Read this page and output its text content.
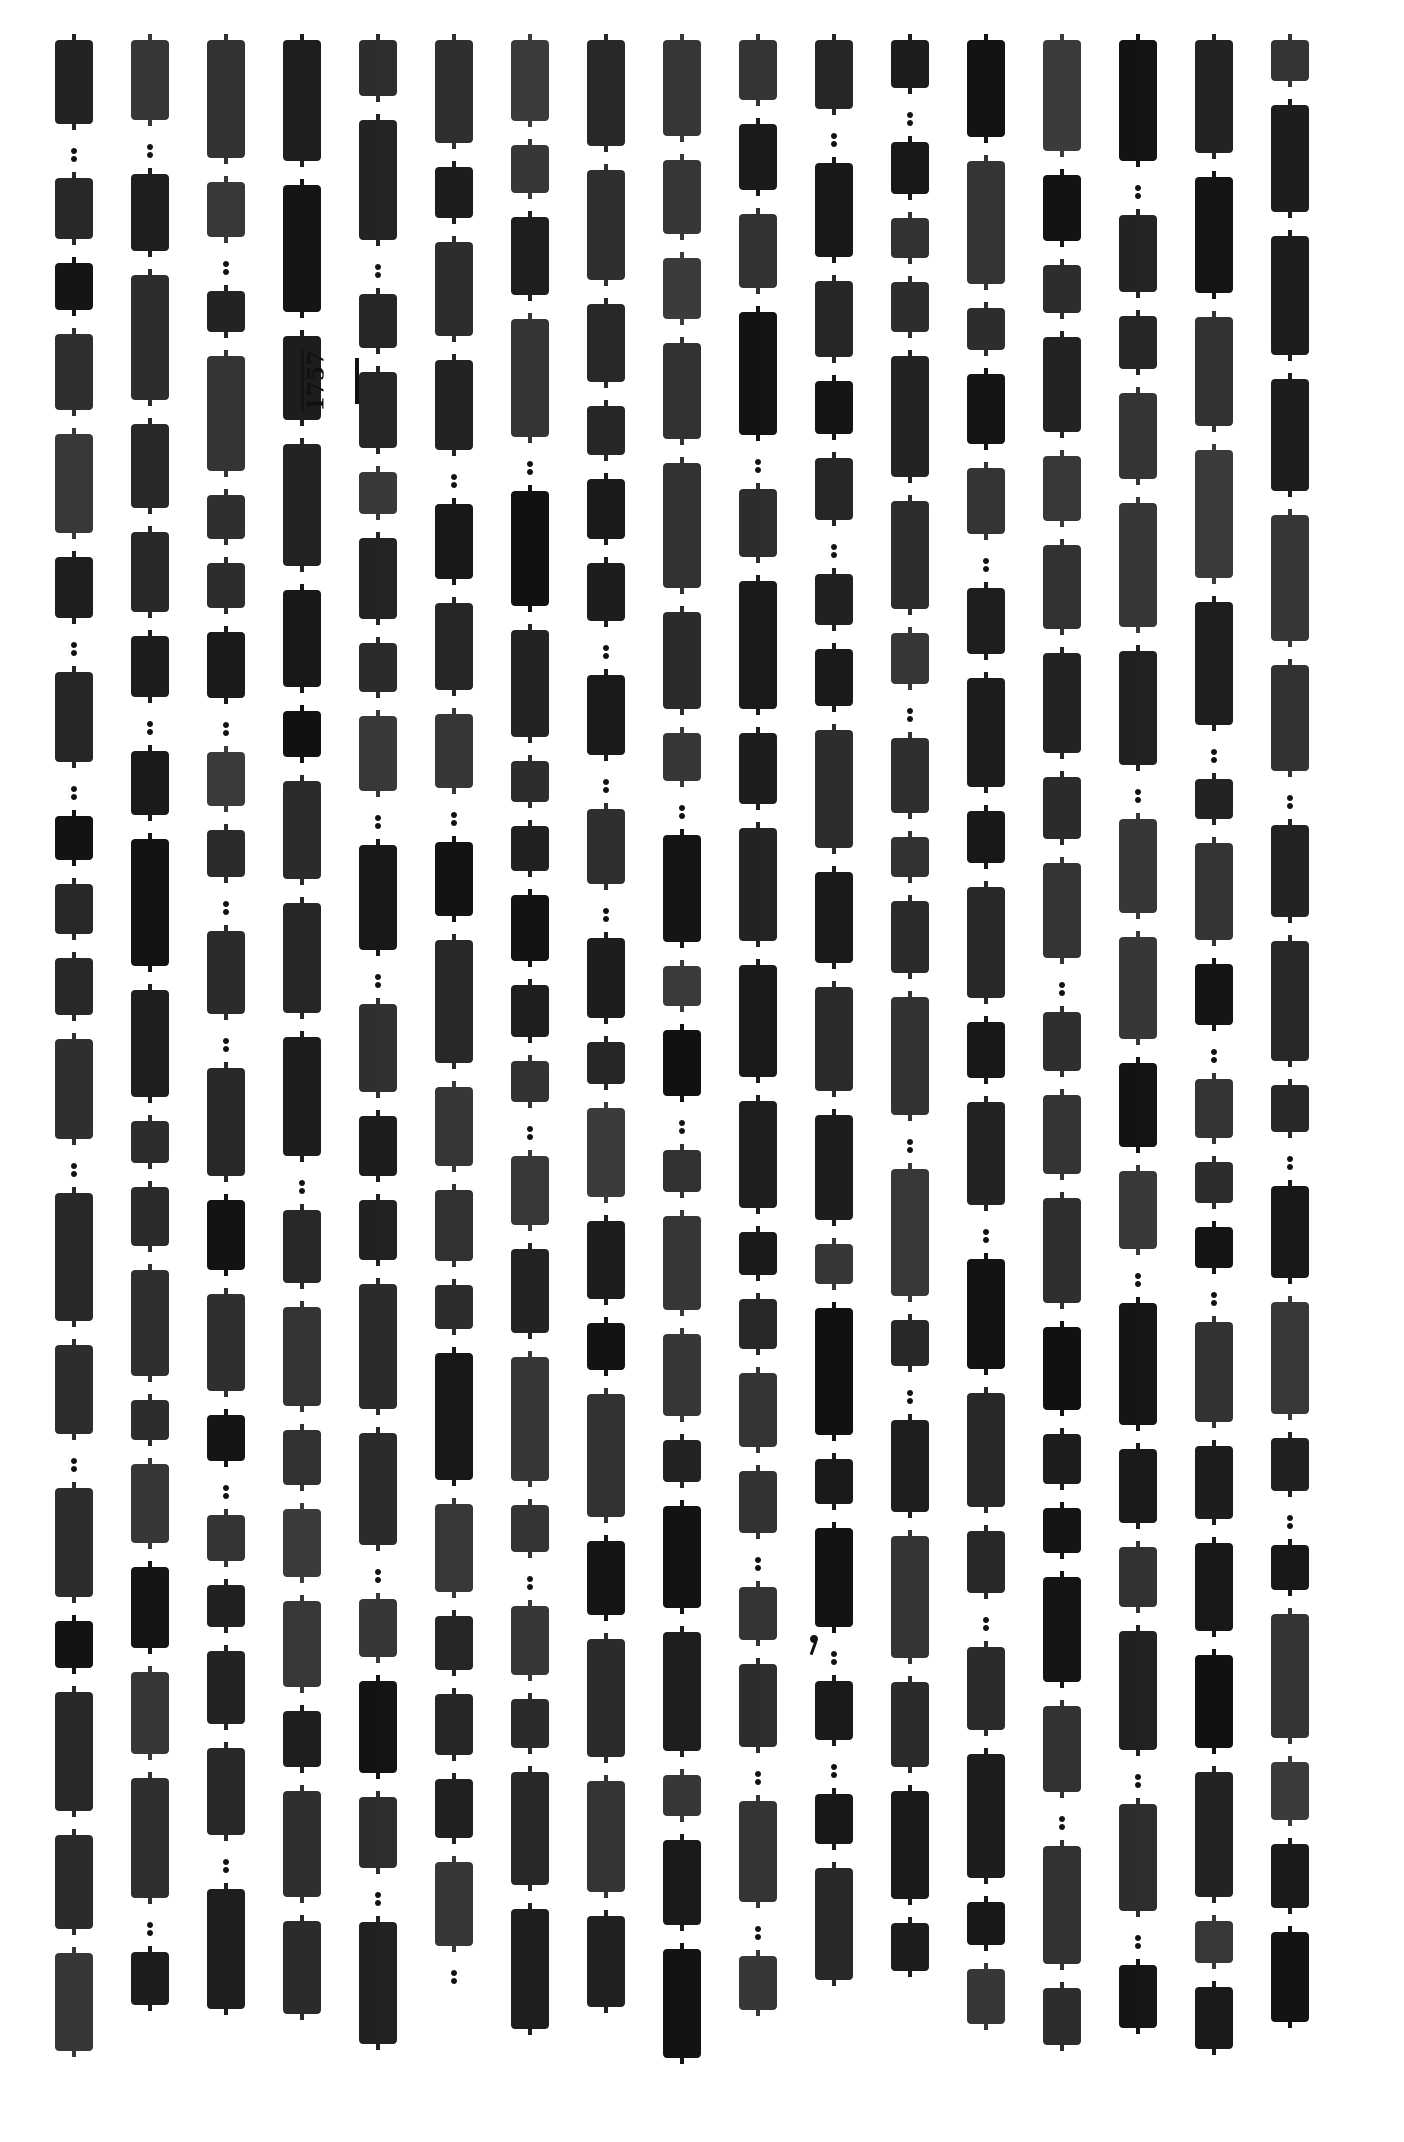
1757
